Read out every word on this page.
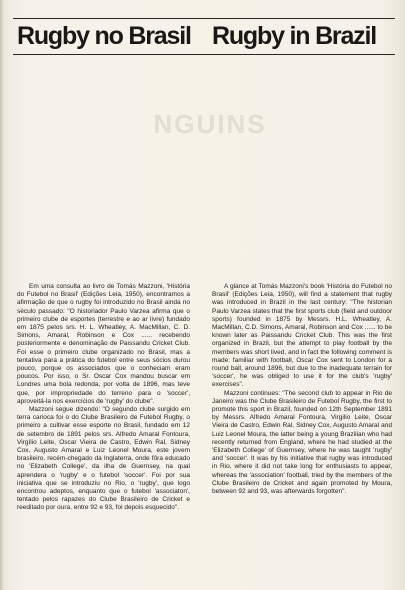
Rugby no Brasil Rugby in Brazil
NGUINS

Em uma consulta ao livro de Tomás Mazzoni, 'História do Futebol no Brasil' (Edições Leia, 1950), encontramos a afirmação de que o rugby foi introduzido no Brasil ainda no século passado: "O historiador Paulo Varzea afirma que o primeiro clube de esportes (terrestre e ao ar livre) fundado em 1875 pelos srs. H. L. Wheatley, A. MacMillan, C. D. Simons, Amaral, Robinson e Cox ...... recebendo posteriormente e denominação de Paissandu Cricket Club. Foi esse o primeiro clube organizado no Brasil, mas a tentativa para a prática do futebol entre seus sócios durou pouco, porque os associados que o conheciam eram poucos. Por isso, o Sr. Oscar Cox mandou buscar em Londres uma bola redonda, por volta de 1896, mas teve que, por impropriedade do terreno para o 'soccer', aproveitá-la nos exercícios de 'rugby' do clube".

Mazzoni segue dizendo: "O segundo clube surgido em terra carioca foi o do Clube Brasileiro de Futebol Rugby, o primeiro a cultivar esse esporte no Brasil, fundado em 12 de setembro de 1891 pelos srs. Alfredo Amaral Fontoura, Virgílio Leite, Oscar Vieira de Castro, Edwin Ral, Sidney Cox, Augusto Amaral e Luiz Leonel Moura, este jovem brasileiro, recém-chegado da Inglaterra, onde fôra educado no 'Elizabeth College', da ilha de Guernsey, na qual aprendera o 'rugby' e o futebol 'soccer'. Foi por sua iniciativa que se introduziu no Rio, o 'rugby', que logo encontrou adeptos, enquanto que o futebol 'associaton', tentado pelos rapazes do Clube Brasileiro de Cricket e reeditado por oura, entre 92 e 93, foi depois esquecido".

A glance at Tomás Mazzoni's book 'História do Futebol no Brasil' (Edições Leia, 1950), will find a statement that rugby was introduced in Brazil in the last century: "The historian Paulo Varzea states that the first sports club (field and outdoor sports) founded in 1875 by Messrs. H.L. Wheatley, A. MacMillan, C.D. Simons, Amaral, Robinson and Cox ...... to be known later as Paissandu Cricket Club. This was the first organized in Brazil, but the attempt to play football by the members was short lived, and in fact the following comment is made: familiar with football, Oscar Cox sent to London for a round ball, around 1896, but due to the inadequate terrain for 'soccer', he was obliged to use it for the club's 'rugby' exercises".

Mazzoni continues: "The second club to appear in Rio de Janeiro was the Clube Brasileiro de Futebol Rugby, the first to promote this sport in Brazil, founded on 12th September 1891 by Messrs. Alfredo Amaral Fontoura, Virgilio Leite, Oscar Vieira de Castro, Edwin Ral, Sidney Cox, Augusto Amaral and Luiz Leonel Moura, the latter being a young Brazilian who had recently returned from England, where he had studied at the 'Elizabeth College' of Guernsey, where he was taught 'rugby' and 'soccer'. It was by his initiative that rugby was introduced in Rio, where it did not take long for enthusiasts to appear, whereas the 'association' football, tried by the members of the Clube Brasileiro de Cricket and again promoted by Moura, between 92 and 93, was afterwards forgotten".
